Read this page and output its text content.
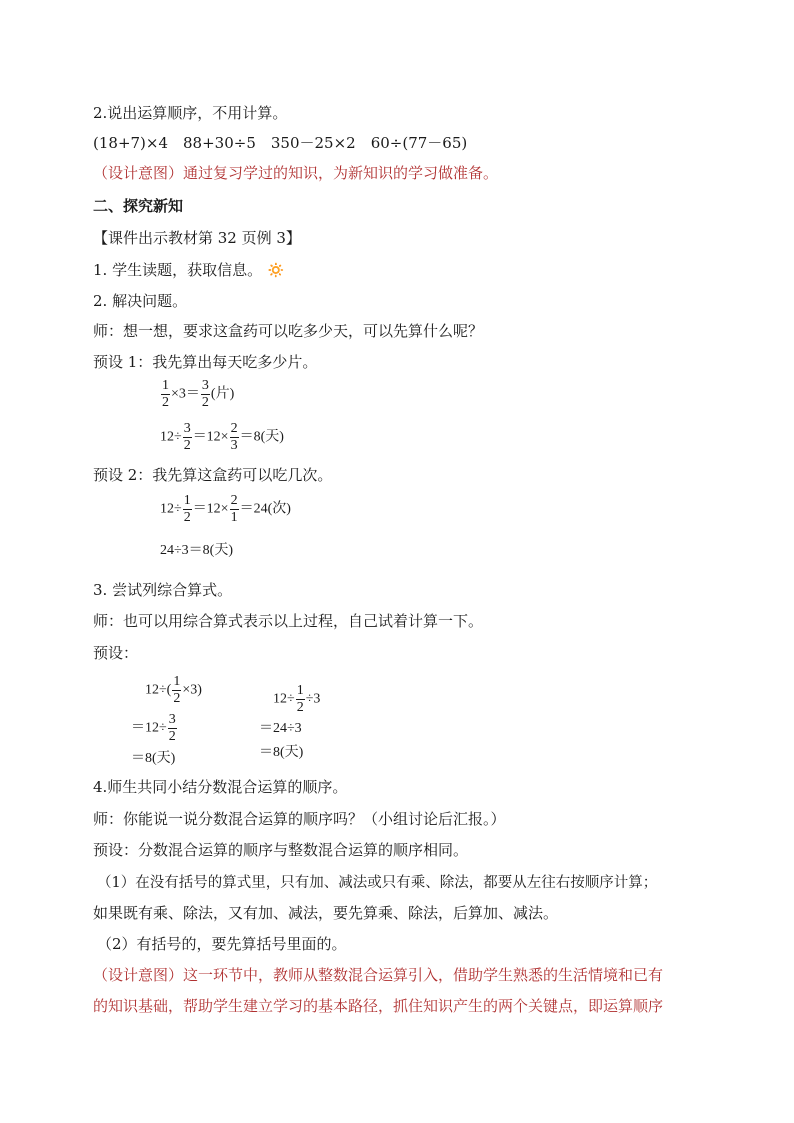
2.说出运算顺序，不用计算。
(18+7)×4　88+30÷5　350－25×2　60÷(77－65)
（设计意图）通过复习学过的知识，为新知识的学习做准备。
二、探究新知
【课件出示教材第 32 页例 3】
1. 学生读题，获取信息。 🔅
2. 解决问题。
师：想一想，要求这盒药可以吃多少天，可以先算什么呢？
预设 1：我先算出每天吃多少片。
$\frac{1}{2} \times 3= \frac{3}{2}$ (片)
$12\div \frac{3}{2} =12\times \frac{2}{3} =8$(天)
预设 2：我先算这盒药可以吃几次。
$12\div \frac{1}{2} =12\times \frac{2}{1} =24$(次)
24÷3＝8(天)
3. 尝试列综合算式。
师：也可以用综合算式表示以上过程，自己试着计算一下。
预设：
$12\div( \frac{1}{2} \times 3)$
$=12\div \frac{3}{2}$
＝8(天)
$12\div \frac{1}{2} \div 3$
＝24÷3
＝8(天)
4.师生共同小结分数混合运算的顺序。
师：你能说一说分数混合运算的顺序吗？（小组讨论后汇报。）
预设：分数混合运算的顺序与整数混合运算的顺序相同。
（1）在没有括号的算式里，只有加、减法或只有乘、除法，都要从左往右按顺序计算；
如果既有乘、除法，又有加、减法，要先算乘、除法，后算加、减法。
（2）有括号的，要先算括号里面的。
（设计意图）这一环节中，教师从整数混合运算引入，借助学生熟悉的生活情境和已有
的知识基础，帮助学生建立学习的基本路径，抓住知识产生的两个关键点，即运算顺序
